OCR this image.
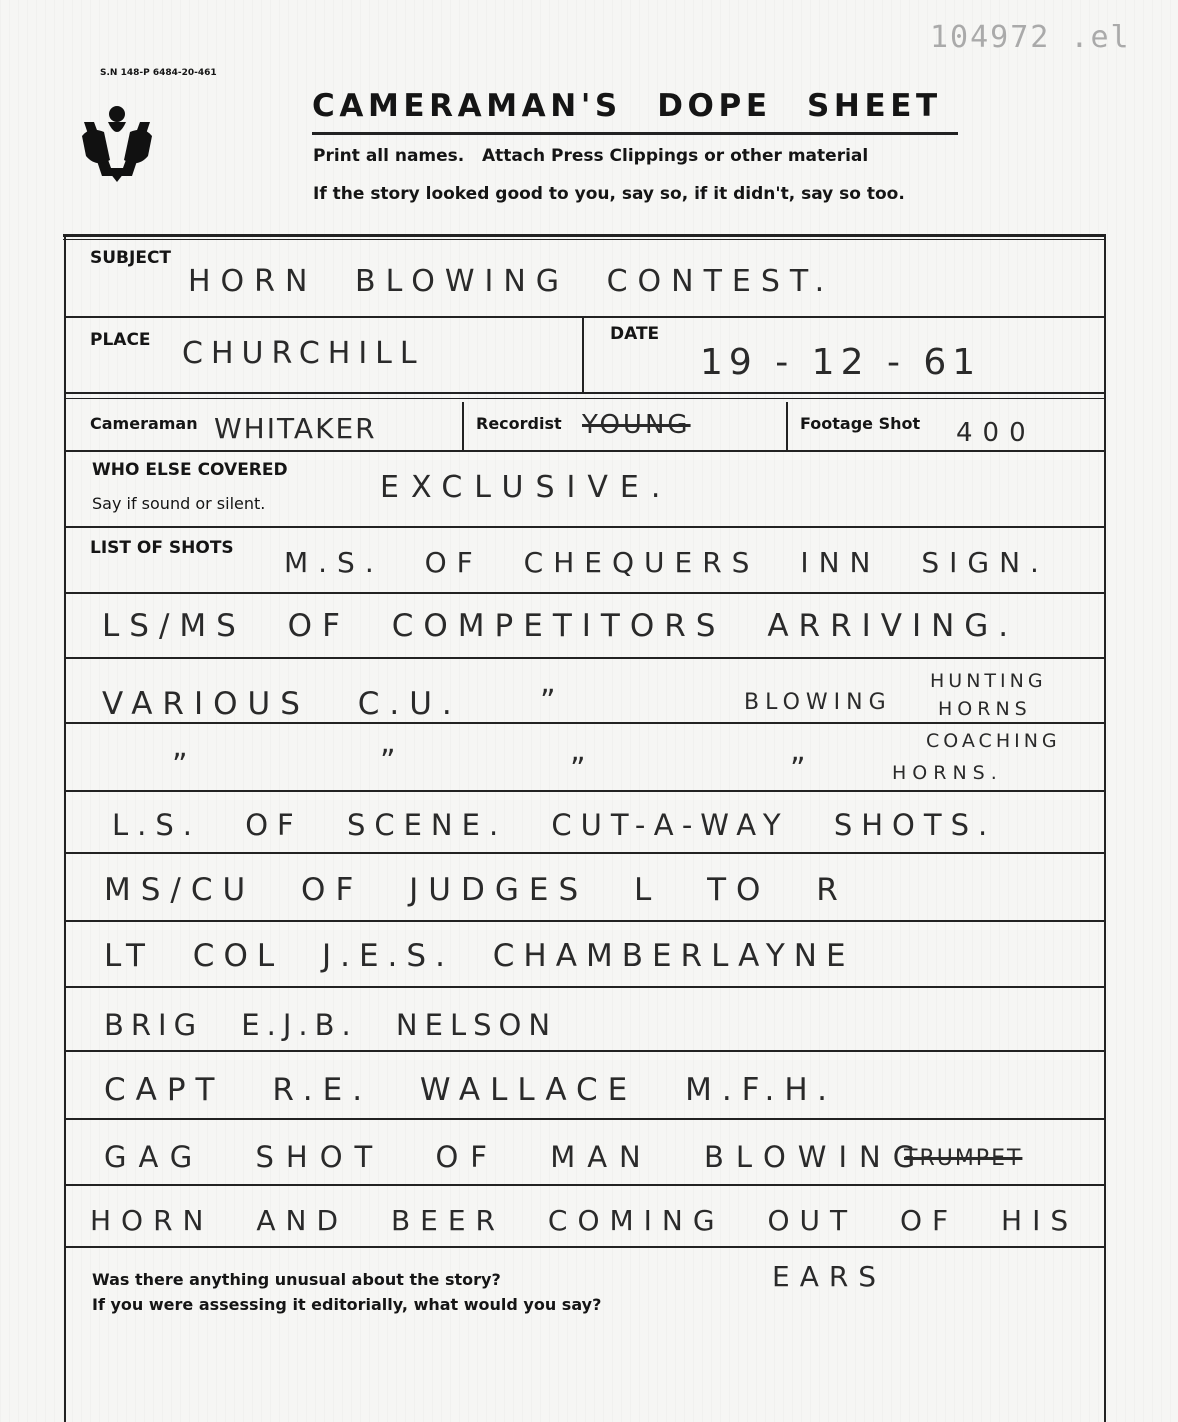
104972 .el
S.N 148-P 6484-20-461
CAMERAMAN'S DOPE SHEET
Print all names.   Attach Press Clippings or other material
If the story looked good to you, say so, if it didn't, say so too.
SUBJECT
HORN BLOWING CONTEST.
PLACE CHURCHILL
DATE
19 - 12 - 61
Cameraman WHITAKER	Recordist YOUNG	Footage Shot 400
WHO ELSE COVERED
Say if sound or silent.	EXCLUSIVE.
LIST OF SHOTS M.S. OF CHEQUERS INN SIGN.
LS/MS OF COMPETITORS ARRIVING.
VARIOUS C.U.	”	BLOWING
HUNTING
HORNS
”	”	”	”
COACHING
HORNS.
L.S. OF SCENE. CUT-A-WAY SHOTS.
MS/CU OF JUDGES L TO R
LT COL J.E.S. CHAMBERLAYNE
BRIG E.J.B. NELSON
CAPT R.E. WALLACE M.F.H.
GAG SHOT OF MAN BLOWING
TRUMPET
HORN AND BEER COMING OUT OF HIS
EARS
Was there anything unusual about the story?
If you were assessing it editorially, what would you say?
